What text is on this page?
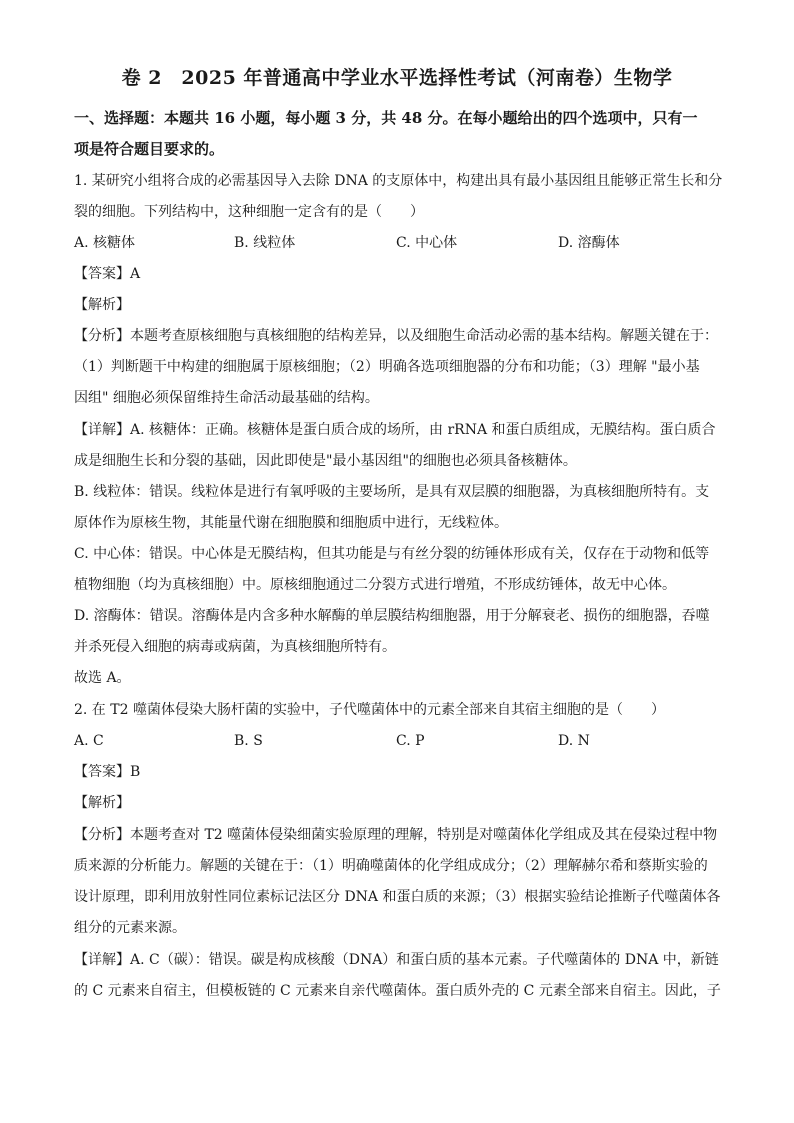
卷 2　2025 年普通高中学业水平选择性考试（河南卷）生物学
一、选择题：本题共 16 小题，每小题 3 分，共 48 分。在每小题给出的四个选项中，只有一
项是符合题目要求的。
1. 某研究小组将合成的必需基因导入去除 DNA 的支原体中，构建出具有最小基因组且能够正常生长和分
裂的细胞。下列结构中，这种细胞一定含有的是（　　）
A. 核糖体	B. 线粒体	C. 中心体	D. 溶酶体
【答案】A
【解析】
【分析】本题考查原核细胞与真核细胞的结构差异，以及细胞生命活动必需的基本结构。解题关键在于：
（1）判断题干中构建的细胞属于原核细胞；（2）明确各选项细胞器的分布和功能；（3）理解 "最小基
因组" 细胞必须保留维持生命活动最基础的结构。
【详解】A. 核糖体：正确。核糖体是蛋白质合成的场所，由 rRNA 和蛋白质组成，无膜结构。蛋白质合
成是细胞生长和分裂的基础，因此即使是"最小基因组"的细胞也必须具备核糖体。
B. 线粒体：错误。线粒体是进行有氧呼吸的主要场所，是具有双层膜的细胞器，为真核细胞所特有。支
原体作为原核生物，其能量代谢在细胞膜和细胞质中进行，无线粒体。
C. 中心体：错误。中心体是无膜结构，但其功能是与有丝分裂的纺锤体形成有关，仅存在于动物和低等
植物细胞（均为真核细胞）中。原核细胞通过二分裂方式进行增殖，不形成纺锤体，故无中心体。
D. 溶酶体：错误。溶酶体是内含多种水解酶的单层膜结构细胞器，用于分解衰老、损伤的细胞器，吞噬
并杀死侵入细胞的病毒或病菌，为真核细胞所特有。
故选 A。
2. 在 T2 噬菌体侵染大肠杆菌的实验中，子代噬菌体中的元素全部来自其宿主细胞的是（　　）
A. C	B. S	C. P	D. N
【答案】B
【解析】
【分析】本题考查对 T2 噬菌体侵染细菌实验原理的理解，特别是对噬菌体化学组成及其在侵染过程中物
质来源的分析能力。解题的关键在于：（1）明确噬菌体的化学组成成分；（2）理解赫尔希和蔡斯实验的
设计原理，即利用放射性同位素标记法区分 DNA 和蛋白质的来源；（3）根据实验结论推断子代噬菌体各
组分的元素来源。
【详解】A. C（碳）：错误。碳是构成核酸（DNA）和蛋白质的基本元素。子代噬菌体的 DNA 中，新链
的 C 元素来自宿主，但模板链的 C 元素来自亲代噬菌体。蛋白质外壳的 C 元素全部来自宿主。因此，子
